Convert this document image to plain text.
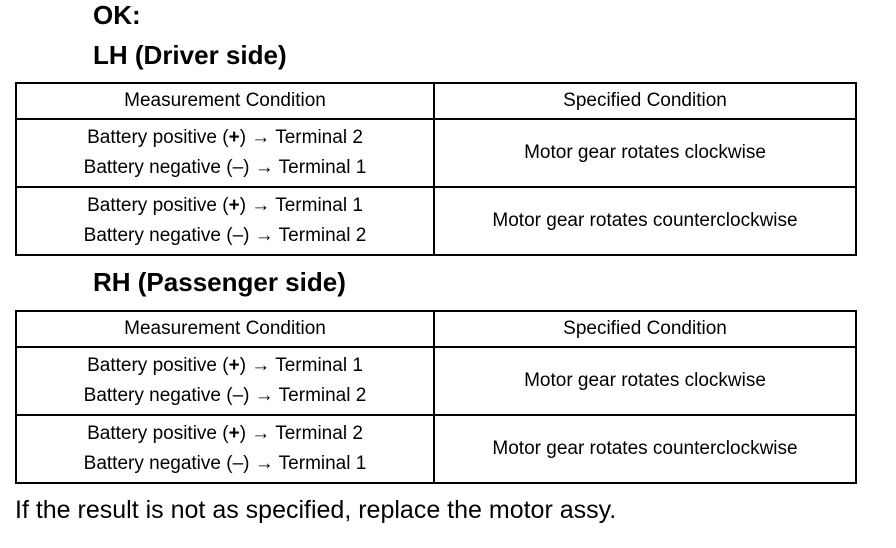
OK:
LH (Driver side)
Measurement Condition	Specified Condition

Battery positive (+) → Terminal 2
Battery negative (–) → Terminal 1	Motor gear rotates clockwise

Battery positive (+) → Terminal 1
Battery negative (–) → Terminal 2	Motor gear rotates counterclockwise
RH (Passenger side)
Measurement Condition	Specified Condition

Battery positive (+) → Terminal 1
Battery negative (–) → Terminal 2	Motor gear rotates clockwise

Battery positive (+) → Terminal 2
Battery negative (–) → Terminal 1	Motor gear rotates counterclockwise
If the result is not as specified, replace the motor assy.
